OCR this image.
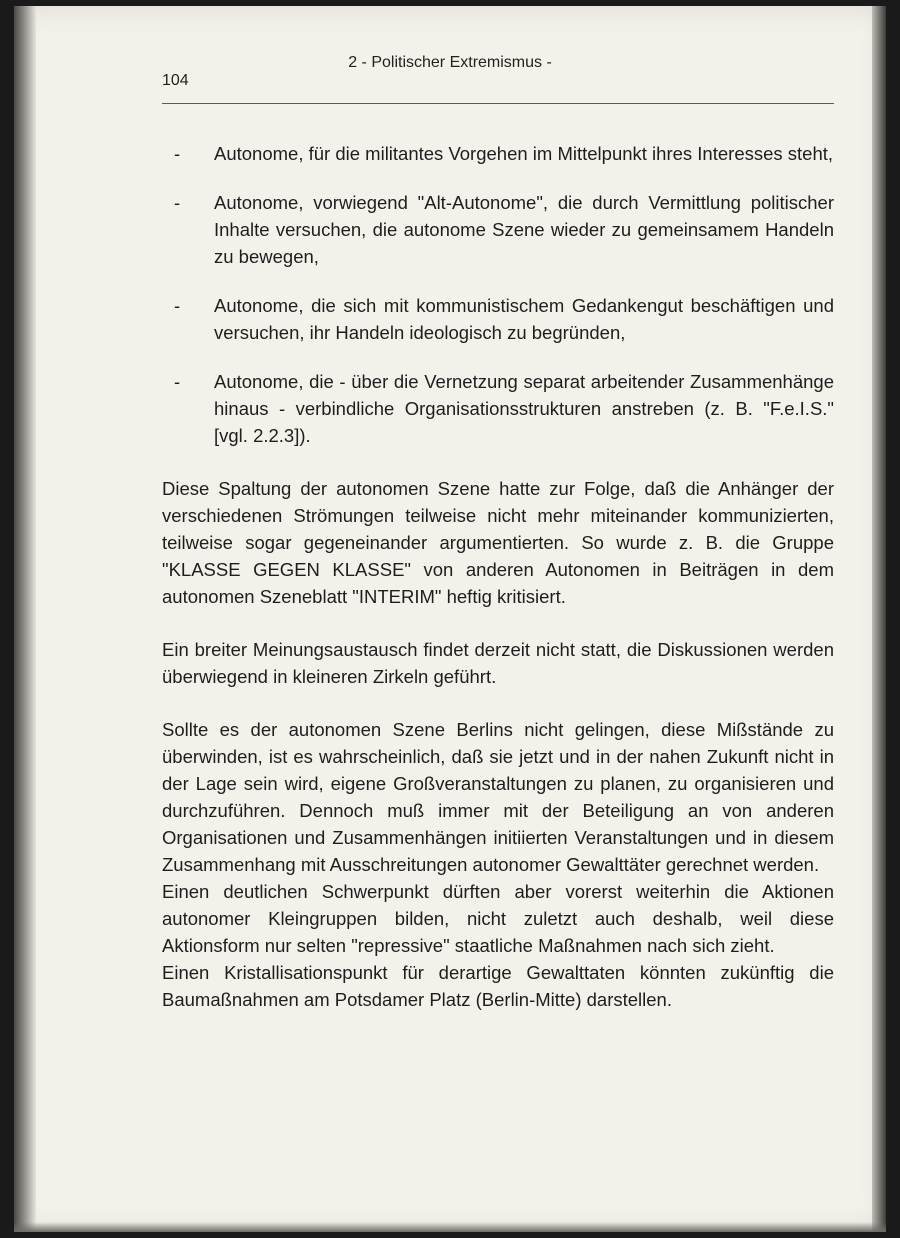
2 - Politischer Extremismus -
104
-	Autonome, für die militantes Vorgehen im Mittelpunkt ihres Interesses steht,
-	Autonome, vorwiegend "Alt-Autonome", die durch Vermittlung politischer Inhalte versuchen, die autonome Szene wieder zu gemeinsamem Handeln zu bewegen,
-	Autonome, die sich mit kommunistischem Gedankengut beschäftigen und versuchen, ihr Handeln ideologisch zu begründen,
-	Autonome, die - über die Vernetzung separat arbeitender Zusammenhänge hinaus - verbindliche Organisationsstrukturen anstreben (z. B. "F.e.I.S." [vgl. 2.2.3]).

Diese Spaltung der autonomen Szene hatte zur Folge, daß die Anhänger der verschiedenen Strömungen teilweise nicht mehr miteinander kommunizierten, teilweise sogar gegeneinander argumentierten. So wurde z. B. die Gruppe "KLASSE GEGEN KLASSE" von anderen Autonomen in Beiträgen in dem autonomen Szeneblatt "INTERIM" heftig kritisiert.

Ein breiter Meinungsaustausch findet derzeit nicht statt, die Diskussionen werden überwiegend in kleineren Zirkeln geführt.

Sollte es der autonomen Szene Berlins nicht gelingen, diese Mißstände zu überwinden, ist es wahrscheinlich, daß sie jetzt und in der nahen Zukunft nicht in der Lage sein wird, eigene Großveranstaltungen zu planen, zu organisieren und durchzuführen. Dennoch muß immer mit der Beteiligung an von anderen Organisationen und Zusammenhängen initiierten Veranstaltungen und in diesem Zusammenhang mit Ausschreitungen autonomer Gewalttäter gerechnet werden.

Einen deutlichen Schwerpunkt dürften aber vorerst weiterhin die Aktionen autonomer Kleingruppen bilden, nicht zuletzt auch deshalb, weil diese Aktionsform nur selten "repressive" staatliche Maßnahmen nach sich zieht.

Einen Kristallisationspunkt für derartige Gewalttaten könnten zukünftig die Baumaßnahmen am Potsdamer Platz (Berlin-Mitte) darstellen.
